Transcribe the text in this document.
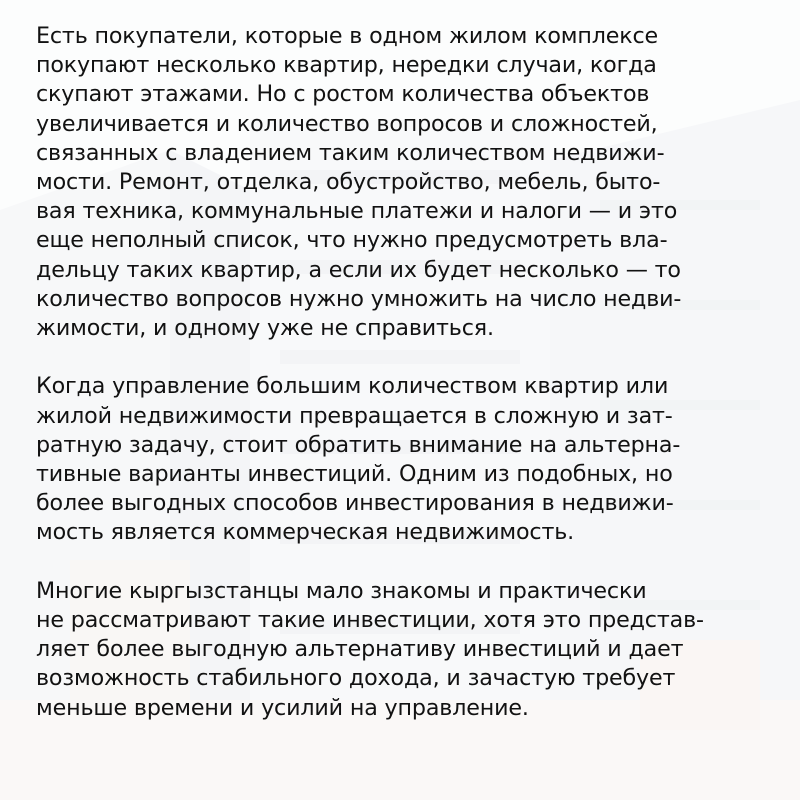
Есть покупатели, которые в одном жилом комплексе
покупают несколько квартир, нередки случаи, когда
скупают этажами. Но с ростом количества объектов
увеличивается и количество вопросов и сложностей,
связанных с владением таким количеством недвижи-
мости. Ремонт, отделка, обустройство, мебель, быто-
вая техника, коммунальные платежи и налоги — и это
еще неполный список, что нужно предусмотреть вла-
дельцу таких квартир, а если их будет несколько — то
количество вопросов нужно умножить на число недви-
жимости, и одному уже не справиться.

Когда управление большим количеством квартир или
жилой недвижимости превращается в сложную и зат-
ратную задачу, стоит обратить внимание на альтерна-
тивные варианты инвестиций. Одним из подобных, но
более выгодных способов инвестирования в недвижи-
мость является коммерческая недвижимость.

Многие кыргызстанцы мало знакомы и практически
не рассматривают такие инвестиции, хотя это представ-
ляет более выгодную альтернативу инвестиций и дает
возможность стабильного дохода, и зачастую требует
меньше времени и усилий на управление.
